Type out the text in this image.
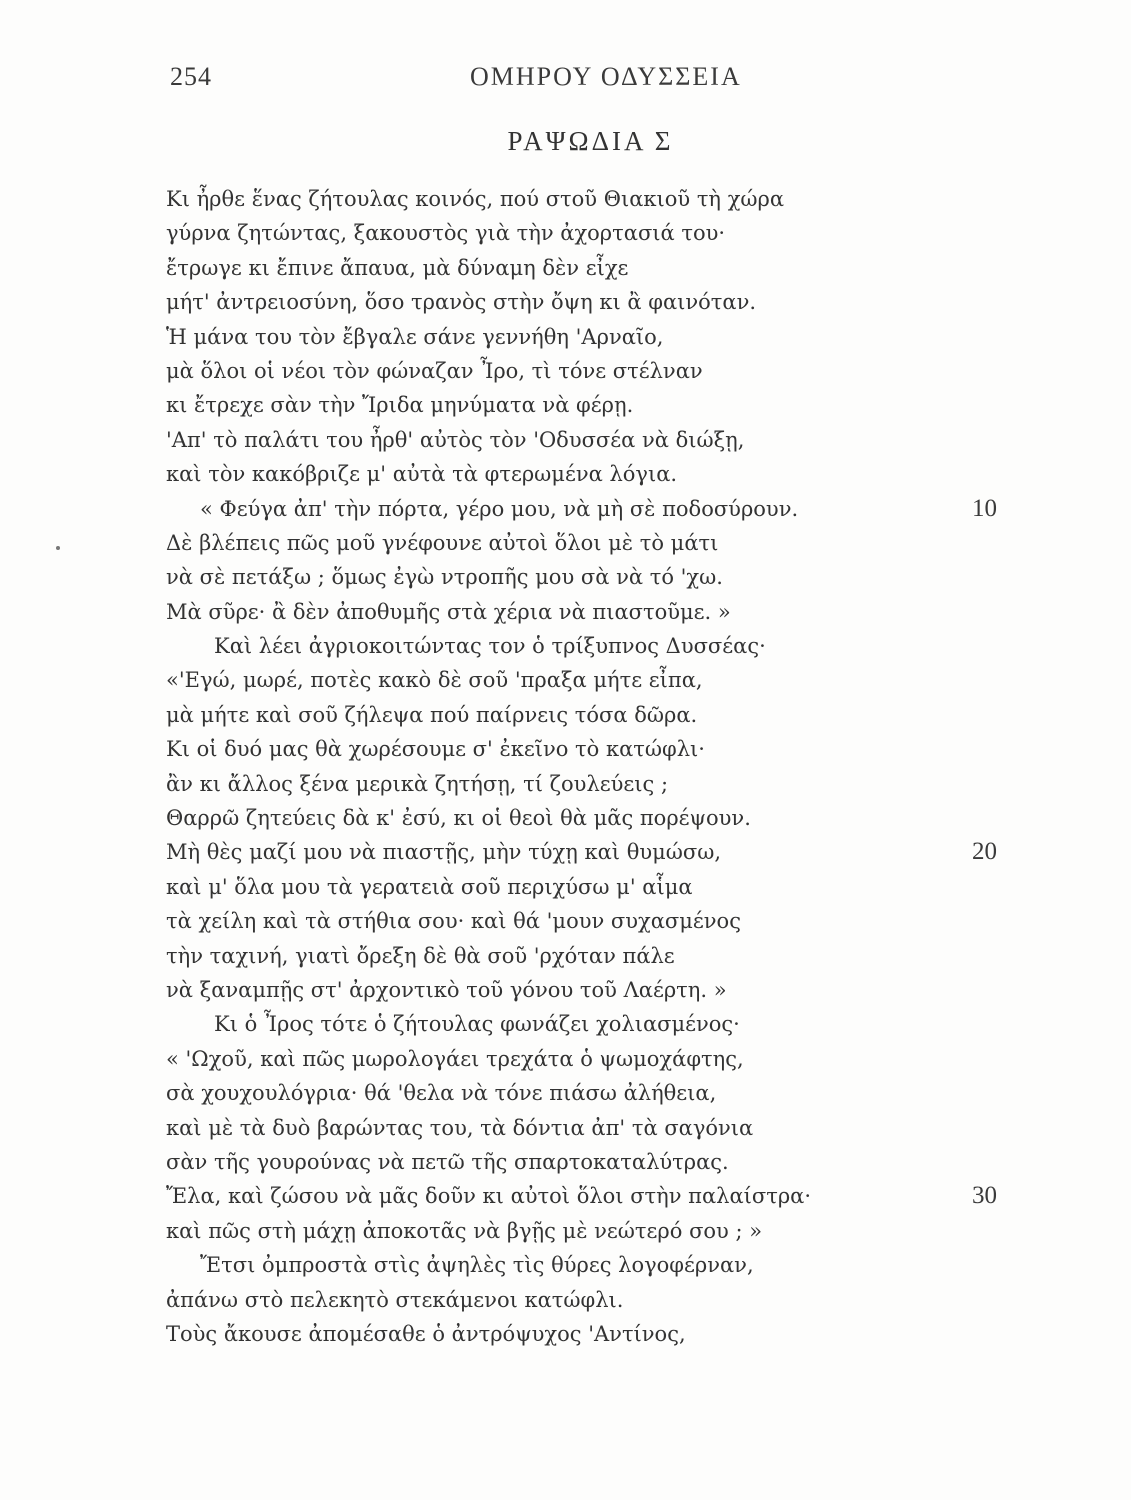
254	ΟΜΗΡΟΥ ΟΔΥΣΣΕΙΑ
ΡΑΨΩΔΙΑ Σ
Κι ἦρθε ἕνας ζήτουλας κοινός, πού στοῦ Θιακιοῦ τὴ χώρα
γύρνα ζητώντας, ξακουστὸς γιὰ τὴν ἀχορτασιά του·
ἔτρωγε κι ἔπινε ἄπαυα, μὰ δύναμη δὲν εἶχε
μήτ' ἀντρειοσύνη, ὅσο τρανὸς στὴν ὄψη κι ἂ φαινόταν.
Ἡ μάνα του τὸν ἔβγαλε σάνε γεννήθη 'Αρναῖο,
μὰ ὅλοι οἱ νέοι τὸν φώναζαν Ἶρο, τὶ τόνε στέλναν
κι ἔτρεχε σὰν τὴν Ἴριδα μηνύματα νὰ φέρῃ.
'Απ' τὸ παλάτι του ἦρθ' αὐτὸς τὸν 'Οδυσσέα νὰ διώξῃ,
καὶ τὸν κακόβριζε μ' αὐτὰ τὰ φτερωμένα λόγια.
« Φεύγα ἀπ' τὴν πόρτα, γέρο μου, νὰ μὴ σὲ ποδοσύρουν.	10
Δὲ βλέπεις πῶς μοῦ γνέφουνε αὐτοὶ ὅλοι μὲ τὸ μάτι
νὰ σὲ πετάξω ; ὅμως ἐγὼ ντροπῆς μου σὰ νὰ τό 'χω.
Μὰ σῦρε· ἂ δὲν ἀποθυμῆς στὰ χέρια νὰ πιαστοῦμε. »
Καὶ λέει ἀγριοκοιτώντας τον ὁ τρίξυπνος Δυσσέας·
«'Εγώ, μωρέ, ποτὲς κακὸ δὲ σοῦ 'πραξα μήτε εἶπα,
μὰ μήτε καὶ σοῦ ζήλεψα πού παίρνεις τόσα δῶρα.
Κι οἱ δυό μας θὰ χωρέσουμε σ' ἐκεῖνο τὸ κατώφλι·
ἂν κι ἄλλος ξένα μερικὰ ζητήσῃ, τί ζουλεύεις ;
Θαρρῶ ζητεύεις δὰ κ' ἐσύ, κι οἱ θεοὶ θὰ μᾶς πορέψουν.
Μὴ θὲς μαζί μου νὰ πιαστῇς, μὴν τύχῃ καὶ θυμώσω,	20
καὶ μ' ὅλα μου τὰ γερατειὰ σοῦ περιχύσω μ' αἷμα
τὰ χείλη καὶ τὰ στήθια σου· καὶ θά 'μουν συχασμένος
τὴν ταχινή, γιατὶ ὄρεξη δὲ θὰ σοῦ 'ρχόταν πάλε
νὰ ξαναμπῇς στ' ἀρχοντικὸ τοῦ γόνου τοῦ Λαέρτη. »
Κι ὁ Ἶρος τότε ὁ ζήτουλας φωνάζει χολιασμένος·
« 'Ωχοῦ, καὶ πῶς μωρολογάει τρεχάτα ὁ ψωμοχάφτης,
σὰ χουχουλόγρια· θά 'θελα νὰ τόνε πιάσω ἀλήθεια,
καὶ μὲ τὰ δυὸ βαρώντας του, τὰ δόντια ἀπ' τὰ σαγόνια
σὰν τῆς γουρούνας νὰ πετῶ τῆς σπαρτοκαταλύτρας.
Ἔλα, καὶ ζώσου νὰ μᾶς δοῦν κι αὐτοὶ ὅλοι στὴν παλαίστρα·	30
καὶ πῶς στὴ μάχῃ ἀποκοτᾶς νὰ βγῇς μὲ νεώτερό σου ; »
Ἔτσι ὀμπροστὰ στὶς ἀψηλὲς τὶς θύρες λογοφέρναν,
ἀπάνω στὸ πελεκητὸ στεκάμενοι κατώφλι.
Τοὺς ἄκουσε ἀπομέσαθε ὁ ἀντρόψυχος 'Αντίνος,
